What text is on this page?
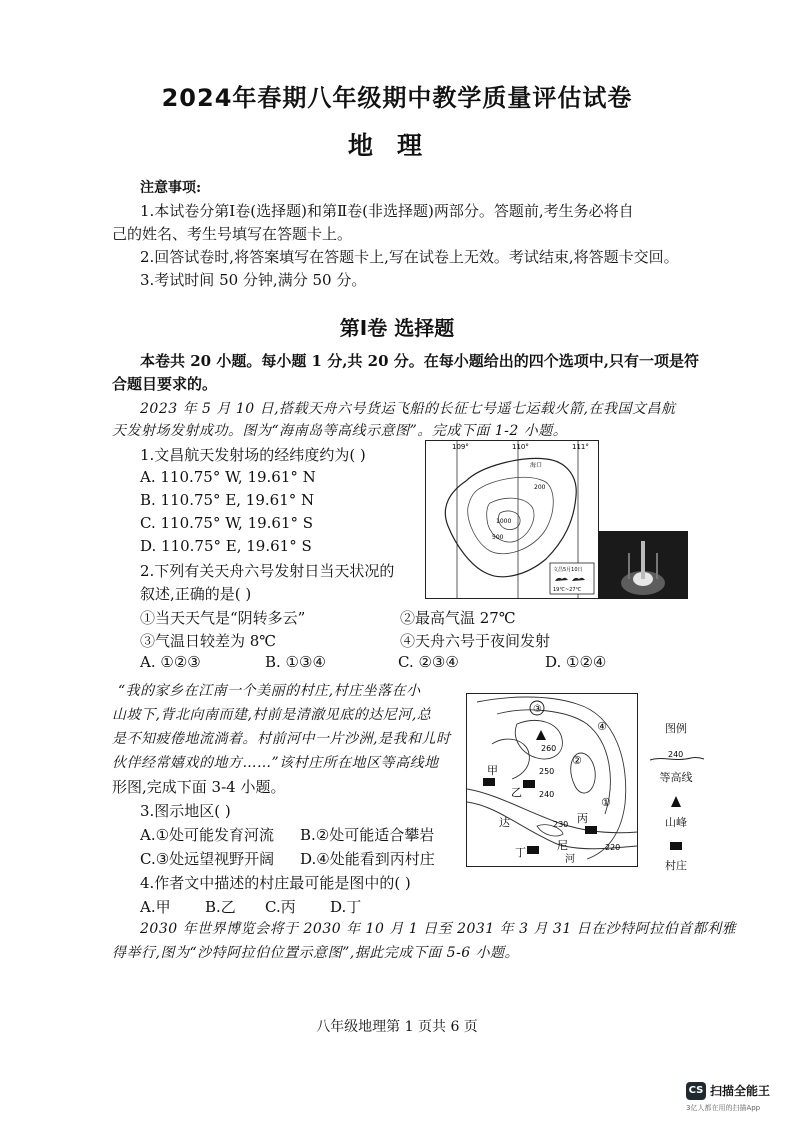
2024年春期八年级期中教学质量评估试卷
地理
注意事项:
1.本试卷分第Ⅰ卷(选择题)和第Ⅱ卷(非选择题)两部分。答题前,考生务必将自
己的姓名、考生号填写在答题卡上。
2.回答试卷时,将答案填写在答题卡上,写在试卷上无效。考试结束,将答题卡交回。
3.考试时间 50 分钟,满分 50 分。
第Ⅰ卷 选择题
本卷共 20 小题。每小题 1 分,共 20 分。在每小题给出的四个选项中,只有一项是符
合题目要求的。
2023 年 5 月 10 日,搭载天舟六号货运飞船的长征七号遥七运载火箭,在我国文昌航
天发射场发射成功。图为“海南岛等高线示意图”。完成下面 1-2 小题。
1.文昌航天发射场的经纬度约为( )
A. 110.75° W, 19.61° N
B. 110.75° E, 19.61° N
C. 110.75° W, 19.61° S
D. 110.75° E, 19.61° S
2.下列有关天舟六号发射日当天状况的
叙述,正确的是( )
①当天天气是“阴转多云”	②最高气温 27℃
③气温日较差为 8℃	④天舟六号于夜间发射
A. ①②③	B. ①③④	C. ②③④	D. ①②④
109°	110°	111°
海口
200
1000
500
文昌5月10日
19℃~27℃
“我的家乡在江南一个美丽的村庄,村庄坐落在小
山坡下,背北向南而建,村前是清澈见底的达尼河,总
是不知疲倦地流淌着。村前河中一片沙洲,是我和儿时
伙伴经常嬉戏的地方……”该村庄所在地区等高线地
形图,完成下面 3-4 小题。
3.图示地区( )
A.①处可能发育河流 B.②处可能适合攀岩
C.③处远望视野开阔 D.④处能看到丙村庄
4.作者文中描述的村庄最可能是图中的( )
A.甲 B.乙 C.丙 D.丁
③
④
②
①
260
250
240
230
220
甲
乙
丙
丁
达
尼
河
图例
240
等高线
山峰
村庄
2030 年世界博览会将于 2030 年 10 月 1 日至 2031 年 3 月 31 日在沙特阿拉伯首都利雅
得举行,图为“沙特阿拉伯位置示意图”,据此完成下面 5-6 小题。
八年级地理第 1 页共 6 页
CS 扫描全能王
3亿人都在用的扫描App
